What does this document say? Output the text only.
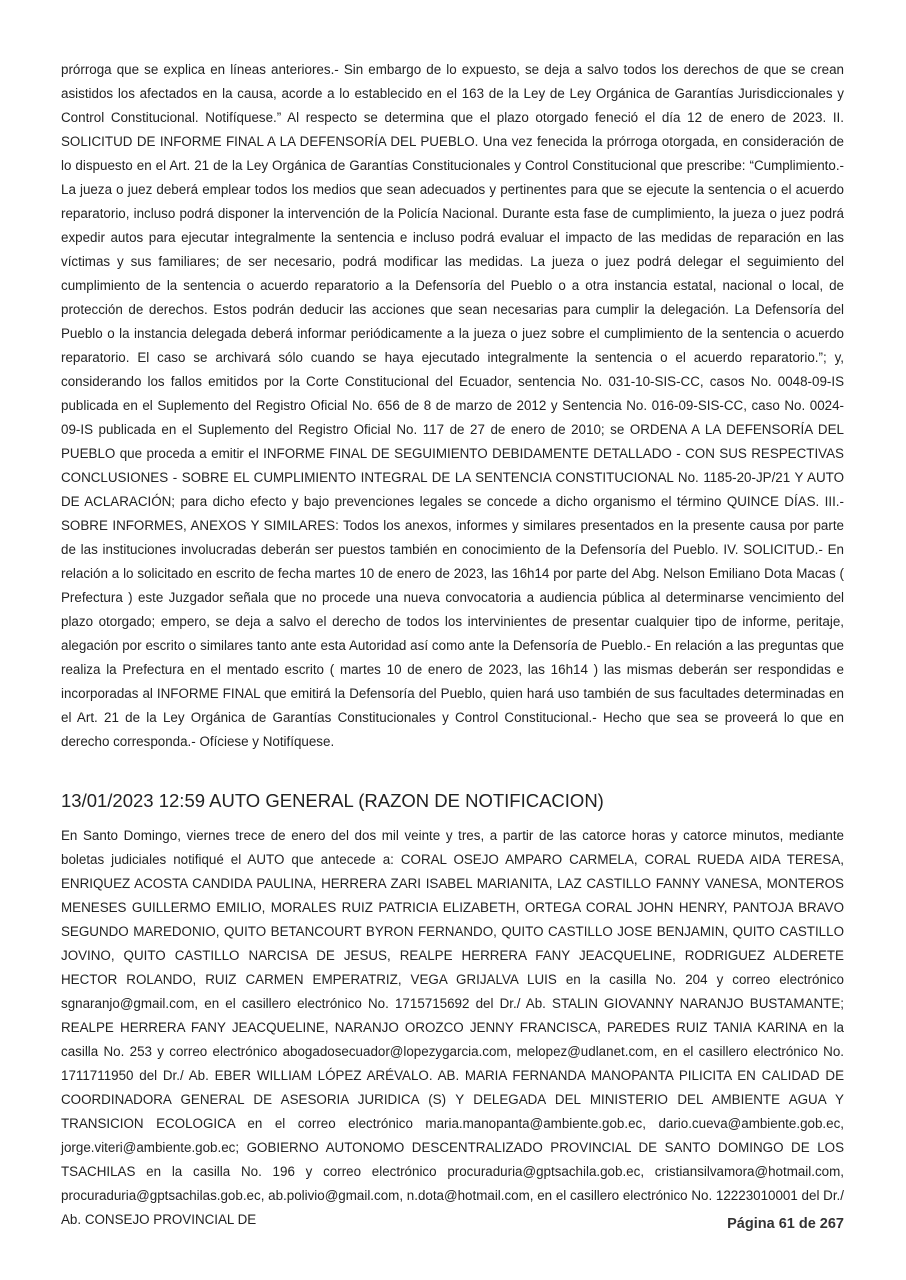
prórroga que se explica en líneas anteriores.- Sin embargo de lo expuesto, se deja a salvo todos los derechos de que se crean asistidos los afectados en la causa, acorde a lo establecido en el 163 de la Ley de Ley Orgánica de Garantías Jurisdiccionales y Control Constitucional. Notifíquese.” Al respecto se determina que el plazo otorgado feneció el día 12 de enero de 2023. II. SOLICITUD DE INFORME FINAL A LA DEFENSORÍA DEL PUEBLO. Una vez fenecida la prórroga otorgada, en consideración de lo dispuesto en el Art. 21 de la Ley Orgánica de Garantías Constitucionales y Control Constitucional que prescribe: “Cumplimiento.- La jueza o juez deberá emplear todos los medios que sean adecuados y pertinentes para que se ejecute la sentencia o el acuerdo reparatorio, incluso podrá disponer la intervención de la Policía Nacional. Durante esta fase de cumplimiento, la jueza o juez podrá expedir autos para ejecutar integralmente la sentencia e incluso podrá evaluar el impacto de las medidas de reparación en las víctimas y sus familiares; de ser necesario, podrá modificar las medidas. La jueza o juez podrá delegar el seguimiento del cumplimiento de la sentencia o acuerdo reparatorio a la Defensoría del Pueblo o a otra instancia estatal, nacional o local, de protección de derechos. Estos podrán deducir las acciones que sean necesarias para cumplir la delegación. La Defensoría del Pueblo o la instancia delegada deberá informar periódicamente a la jueza o juez sobre el cumplimiento de la sentencia o acuerdo reparatorio. El caso se archivará sólo cuando se haya ejecutado integralmente la sentencia o el acuerdo reparatorio.”; y, considerando los fallos emitidos por la Corte Constitucional del Ecuador, sentencia No. 031-10-SIS-CC, casos No. 0048-09-IS publicada en el Suplemento del Registro Oficial No. 656 de 8 de marzo de 2012 y Sentencia No. 016-09-SIS-CC, caso No. 0024-09-IS publicada en el Suplemento del Registro Oficial No. 117 de 27 de enero de 2010; se ORDENA A LA DEFENSORÍA DEL PUEBLO que proceda a emitir el INFORME FINAL DE SEGUIMIENTO DEBIDAMENTE DETALLADO - CON SUS RESPECTIVAS CONCLUSIONES - SOBRE EL CUMPLIMIENTO INTEGRAL DE LA SENTENCIA CONSTITUCIONAL No. 1185-20-JP/21 Y AUTO DE ACLARACIÓN; para dicho efecto y bajo prevenciones legales se concede a dicho organismo el término QUINCE DÍAS. III.- SOBRE INFORMES, ANEXOS Y SIMILARES: Todos los anexos, informes y similares presentados en la presente causa por parte de las instituciones involucradas deberán ser puestos también en conocimiento de la Defensoría del Pueblo. IV. SOLICITUD.- En relación a lo solicitado en escrito de fecha martes 10 de enero de 2023, las 16h14 por parte del Abg. Nelson Emiliano Dota Macas ( Prefectura ) este Juzgador señala que no procede una nueva convocatoria a audiencia pública al determinarse vencimiento del plazo otorgado; empero, se deja a salvo el derecho de todos los intervinientes de presentar cualquier tipo de informe, peritaje, alegación por escrito o similares tanto ante esta Autoridad así como ante la Defensoría de Pueblo.- En relación a las preguntas que realiza la Prefectura en el mentado escrito ( martes 10 de enero de 2023, las 16h14 ) las mismas deberán ser respondidas e incorporadas al INFORME FINAL que emitirá la Defensoría del Pueblo, quien hará uso también de sus facultades determinadas en el Art. 21 de la Ley Orgánica de Garantías Constitucionales y Control Constitucional.- Hecho que sea se proveerá lo que en derecho corresponda.- Ofíciese y Notifíquese.

13/01/2023 12:59 AUTO GENERAL (RAZON DE NOTIFICACION)

En Santo Domingo, viernes trece de enero del dos mil veinte y tres, a partir de las catorce horas y catorce minutos, mediante boletas judiciales notifiqué el AUTO que antecede a: CORAL OSEJO AMPARO CARMELA, CORAL RUEDA AIDA TERESA, ENRIQUEZ ACOSTA CANDIDA PAULINA, HERRERA ZARI ISABEL MARIANITA, LAZ CASTILLO FANNY VANESA, MONTEROS MENESES GUILLERMO EMILIO, MORALES RUIZ PATRICIA ELIZABETH, ORTEGA CORAL JOHN HENRY, PANTOJA BRAVO SEGUNDO MAREDONIO, QUITO BETANCOURT BYRON FERNANDO, QUITO CASTILLO JOSE BENJAMIN, QUITO CASTILLO JOVINO, QUITO CASTILLO NARCISA DE JESUS, REALPE HERRERA FANY JEACQUELINE, RODRIGUEZ ALDERETE HECTOR ROLANDO, RUIZ CARMEN EMPERATRIZ, VEGA GRIJALVA LUIS en la casilla No. 204 y correo electrónico sgnaranjo@gmail.com, en el casillero electrónico No. 1715715692 del Dr./ Ab. STALIN GIOVANNY NARANJO BUSTAMANTE; REALPE HERRERA FANY JEACQUELINE, NARANJO OROZCO JENNY FRANCISCA, PAREDES RUIZ TANIA KARINA en la casilla No. 253 y correo electrónico abogadosecuador@lopezygarcia.com, melopez@udlanet.com, en el casillero electrónico No. 1711711950 del Dr./ Ab. EBER WILLIAM LÓPEZ ARÉVALO. AB. MARIA FERNANDA MANOPANTA PILICITA EN CALIDAD DE COORDINADORA GENERAL DE ASESORIA JURIDICA (S) Y DELEGADA DEL MINISTERIO DEL AMBIENTE AGUA Y TRANSICION ECOLOGICA en el correo electrónico maria.manopanta@ambiente.gob.ec, dario.cueva@ambiente.gob.ec, jorge.viteri@ambiente.gob.ec; GOBIERNO AUTONOMO DESCENTRALIZADO PROVINCIAL DE SANTO DOMINGO DE LOS TSACHILAS en la casilla No. 196 y correo electrónico procuraduria@gptsachila.gob.ec, cristiansilvamora@hotmail.com, procuraduria@gptsachilas.gob.ec, ab.polivio@gmail.com, n.dota@hotmail.com, en el casillero electrónico No. 12223010001 del Dr./ Ab. CONSEJO PROVINCIAL DE	Página 61 de 267
